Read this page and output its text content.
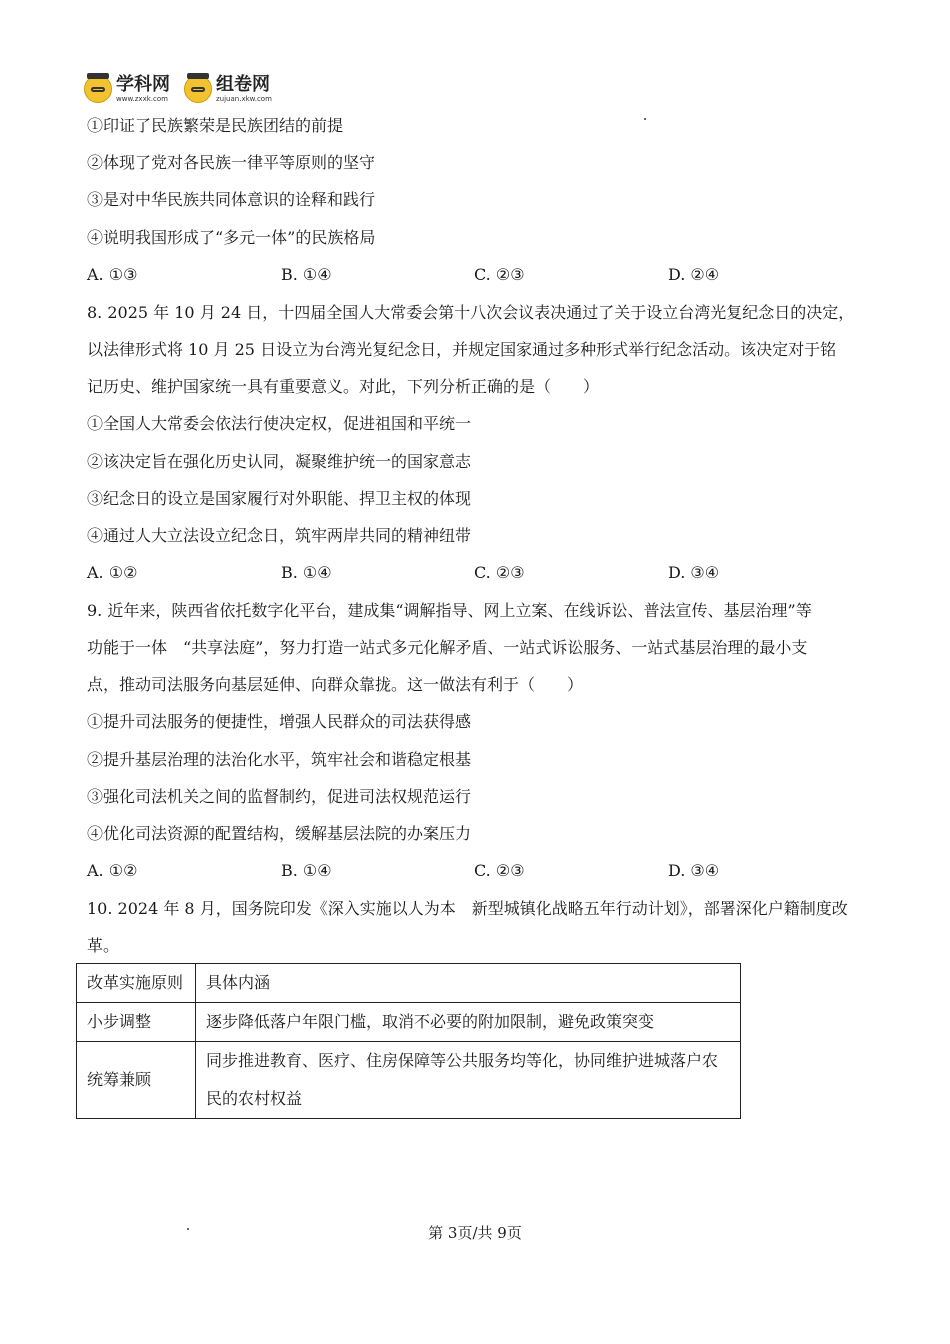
学科网
www.zxxk.com
组卷网
zujuan.xkw.com
①印证了民族繁荣是民族团结的前提
②体现了党对各民族一律平等原则的坚守
③是对中华民族共同体意识的诠释和践行
④说明我国形成了“多元一体”的民族格局
A. ①③	B. ①④	C. ②③	D. ②④
8. 2025 年 10 月 24 日，十四届全国人大常委会第十八次会议表决通过了关于设立台湾光复纪念日的决定，
以法律形式将 10 月 25 日设立为台湾光复纪念日，并规定国家通过多种形式举行纪念活动。该决定对于铭
记历史、维护国家统一具有重要意义。对此，下列分析正确的是（　　）
①全国人大常委会依法行使决定权，促进祖国和平统一
②该决定旨在强化历史认同，凝聚维护统一的国家意志
③纪念日的设立是国家履行对外职能、捍卫主权的体现
④通过人大立法设立纪念日，筑牢两岸共同的精神纽带
A. ①②	B. ①④	C. ②③	D. ③④
9. 近年来，陕西省依托数字化平台，建成集“调解指导、网上立案、在线诉讼、普法宣传、基层治理”等
功能于一体　“共享法庭”，努力打造一站式多元化解矛盾、一站式诉讼服务、一站式基层治理的最小支
点，推动司法服务向基层延伸、向群众靠拢。这一做法有利于（　　）
①提升司法服务的便捷性，增强人民群众的司法获得感
②提升基层治理的法治化水平，筑牢社会和谐稳定根基
③强化司法机关之间的监督制约，促进司法权规范运行
④优化司法资源的配置结构，缓解基层法院的办案压力
A. ①②	B. ①④	C. ②③	D. ③④
10. 2024 年 8 月，国务院印发《深入实施以人为本　新型城镇化战略五年行动计划》，部署深化户籍制度改
革。
改革实施原则	具体内涵
小步调整	逐步降低落户年限门槛，取消不必要的附加限制，避免政策突变
统筹兼顾	同步推进教育、医疗、住房保障等公共服务均等化，协同维护进城落户农民的农村权益
第 3页/共 9页
